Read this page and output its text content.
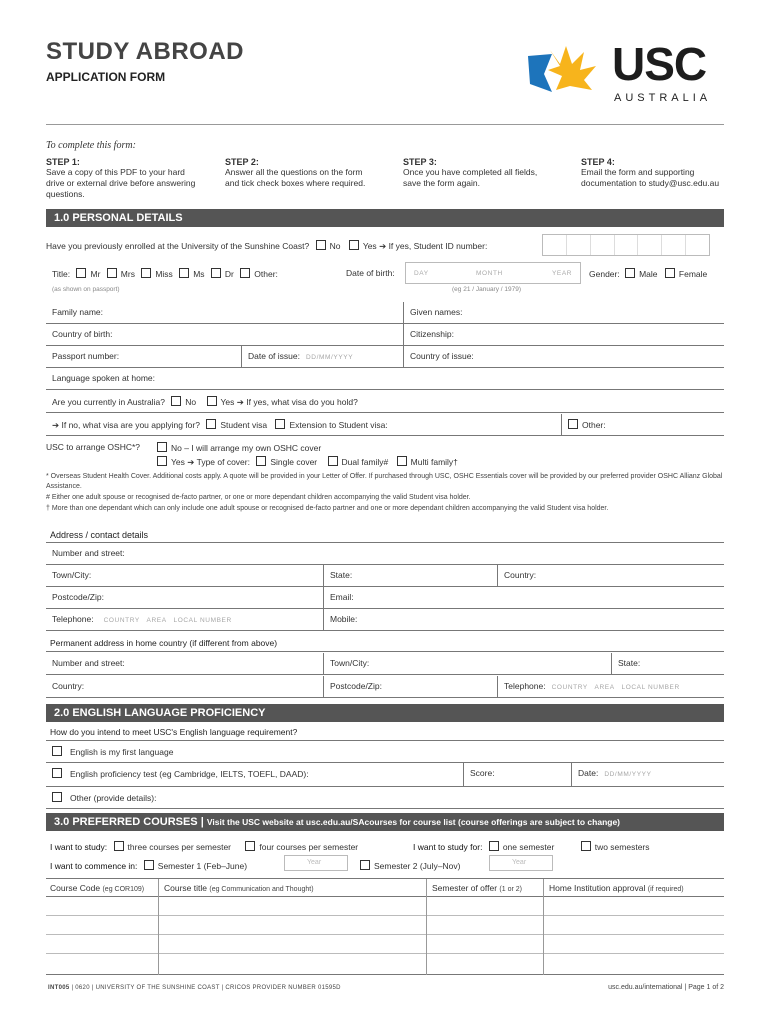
STUDY ABROAD
APPLICATION FORM	USC
AUSTRALIA
To complete this form:
STEP 1:
Save a copy of this PDF to your hard drive or external drive before answering questions.
STEP 2:
Answer all the questions on the form and tick check boxes where required.
STEP 3:
Once you have completed all fields, save the form again.
STEP 4:
Email the form and supporting documentation to study@usc.edu.au
1.0 PERSONAL DETAILS
Have you previously enrolled at the University of the Sunshine Coast? No	Yes ➔ If yes, Student ID number:
Title: Mr Mrs Miss Ms Dr Other:	Date of birth:	DAY	MONTH	YEAR Gender: Male	Female
(as shown on passport)	(eg 21 / January / 1979)
Family name:	Given names:
Country of birth:	Citizenship:
Passport number:	Date of issue: DD/MM/YYYY	Country of issue:
Language spoken at home:
Are you currently in Australia? No	Yes ➔ If yes, what visa do you hold?
➔ If no, what visa are you applying for? Student visa	Extension to Student visa:	Other:
USC to arrange OSHC*?	No – I will arrange my own OSHC cover
Yes ➔ Type of cover: Single cover	Dual family#	Multi family†
* Overseas Student Health Cover. Additional costs apply. A quote will be provided in your Letter of Offer. If purchased through USC, OSHC Essentials cover will be provided by our preferred provider OSHC Allianz Global Assistance.
# Either one adult spouse or recognised de-facto partner, or one or more dependant children accompanying the valid Student visa holder.
† More than one dependant which can only include one adult spouse or recognised de-facto partner and one or more dependant children accompanying the valid Student visa holder.
Address / contact details
Number and street:
Town/City:	State:	Country:
Postcode/Zip:	Email:
Telephone: COUNTRY   AREA   LOCAL NUMBER	Mobile:
Permanent address in home country (if different from above)
Number and street:	Town/City:	State:
Country:	Postcode/Zip:	Telephone: COUNTRY   AREA   LOCAL NUMBER
2.0 ENGLISH LANGUAGE PROFICIENCY
How do you intend to meet USC's English language requirement?
English is my first language
English proficiency test (eg Cambridge, IELTS, TOEFL, DAAD):	Score:	Date: DD/MM/YYYY
Other (provide details):
3.0 PREFERRED COURSES | Visit the USC website at usc.edu.au/SAcourses for course list (course offerings are subject to change)
I want to study: three courses per semester	four courses per semester	I want to study for: one semester	two semesters
I want to commence in: Semester 1 (Feb–June)	Year	Semester 2 (July–Nov)	Year
Course Code (eg COR109) Course title (eg Communication and Thought)	Semester of offer (1 or 2)	Home Institution approval (if required)
INT005 | 0620 | UNIVERSITY OF THE SUNSHINE COAST | CRICOS PROVIDER NUMBER 01595D	usc.edu.au/international | Page 1 of 2
